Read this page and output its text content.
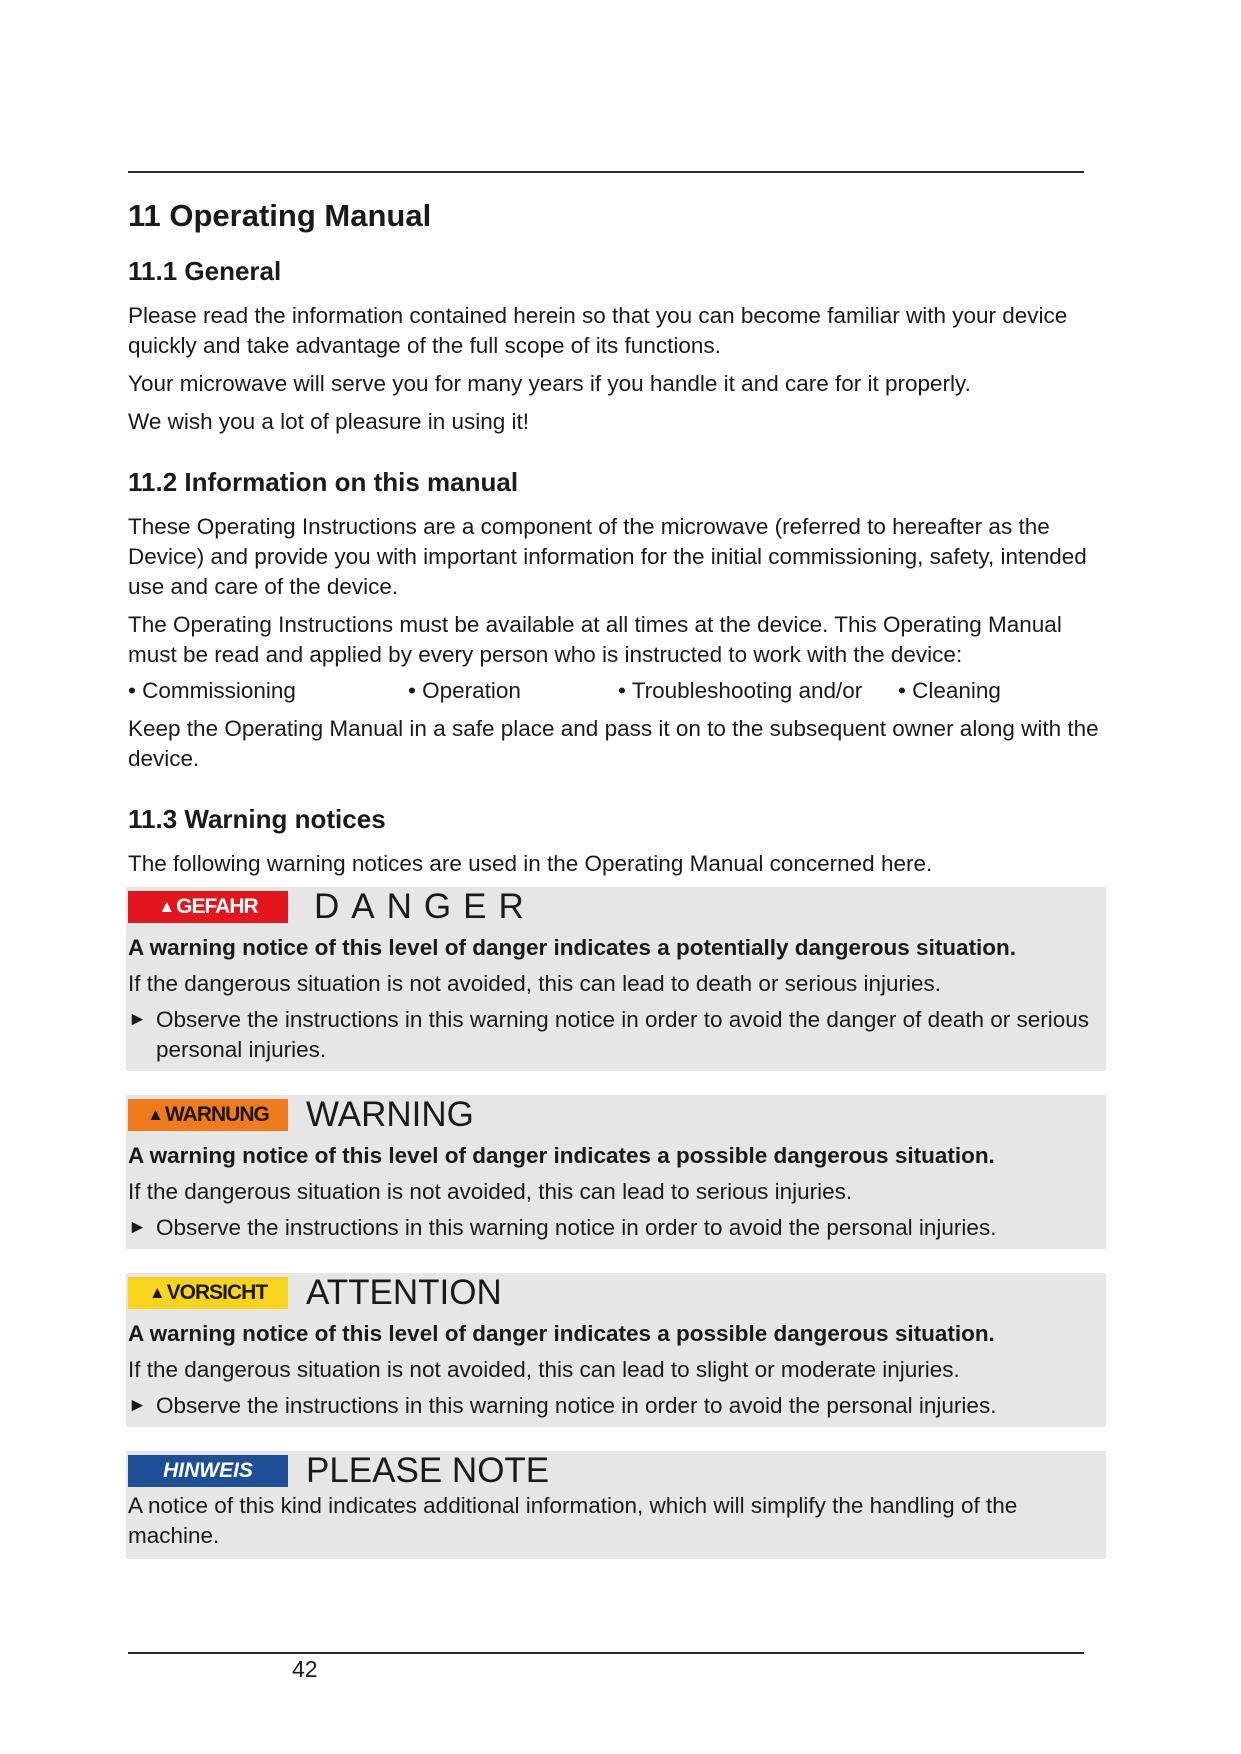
11 Operating Manual
11.1 General

Please read the information contained herein so that you can become familiar with your device quickly and take advantage of the full scope of its functions.

Your microwave will serve you for many years if you handle it and care for it properly.

We wish you a lot of pleasure in using it!

11.2 Information on this manual

These Operating Instructions are a component of the microwave (referred to hereafter as the Device) and provide you with important information for the initial commissioning, safety, intended use and care of the device.

The Operating Instructions must be available at all times at the device. This Operating Manual must be read and applied by every person who is instructed to work with the device:

• Commissioning	• Operation	• Troubleshooting and/or	• Cleaning

Keep the Operating Manual in a safe place and pass it on to the subsequent owner along with the device.

11.3 Warning notices

The following warning notices are used in the Operating Manual concerned here.

▲ GEFAHR DANGER

A warning notice of this level of danger indicates a potentially dangerous situation.

If the dangerous situation is not avoided, this can lead to death or serious injuries.

► Observe the instructions in this warning notice in order to avoid the danger of death or serious personal injuries.
▲ WARNUNG WARNING

A warning notice of this level of danger indicates a possible dangerous situation.

If the dangerous situation is not avoided, this can lead to serious injuries.

► Observe the instructions in this warning notice in order to avoid the personal injuries.
▲ VORSICHT ATTENTION

A warning notice of this level of danger indicates a possible dangerous situation.

If the dangerous situation is not avoided, this can lead to slight or moderate injuries.

► Observe the instructions in this warning notice in order to avoid the personal injuries.
HINWEIS PLEASE NOTE

A notice of this kind indicates additional information, which will simplify the handling of the machine.

42
